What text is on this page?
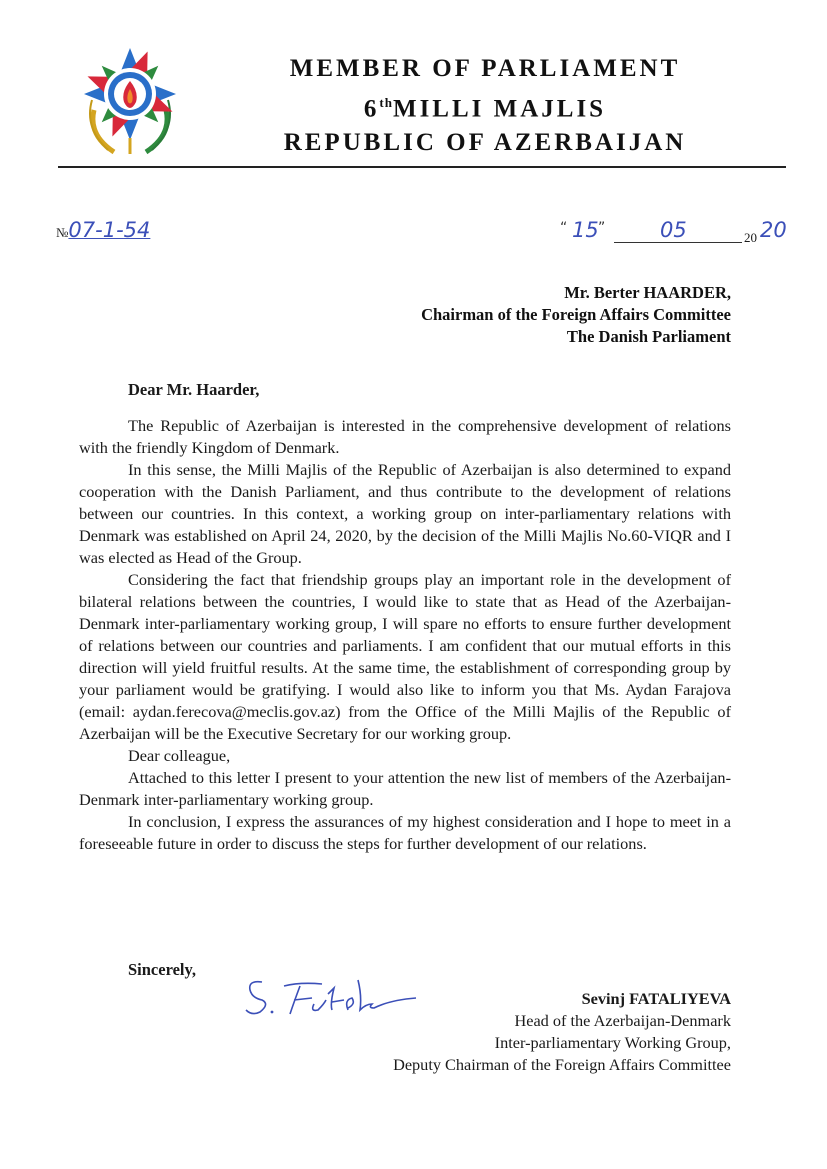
MEMBER OF PARLIAMENT
6thMILLI MAJLIS
REPUBLIC OF AZERBAIJAN
№07-1-54	“ 15 ”	05	20 20
Mr. Berter HAARDER,
Chairman of the Foreign Affairs Committee
The Danish Parliament
Dear Mr. Haarder,

The Republic of Azerbaijan is interested in the comprehensive development of relations with the friendly Kingdom of Denmark.

In this sense, the Milli Majlis of the Republic of Azerbaijan is also determined to expand cooperation with the Danish Parliament, and thus contribute to the development of relations between our countries. In this context, a working group on inter-parliamentary relations with Denmark was established on April 24, 2020, by the decision of the Milli Majlis No.60-VIQR and I was elected as Head of the Group.

Considering the fact that friendship groups play an important role in the development of bilateral relations between the countries, I would like to state that as Head of the Azerbaijan-Denmark inter-parliamentary working group, I will spare no efforts to ensure further development of relations between our countries and parliaments. I am confident that our mutual efforts in this direction will yield fruitful results. At the same time, the establishment of corresponding group by your parliament would be gratifying. I would also like to inform you that Ms. Aydan Farajova (email: aydan.ferecova@meclis.gov.az) from the Office of the Milli Majlis of the Republic of Azerbaijan will be the Executive Secretary for our working group.

Dear colleague,

Attached to this letter I present to your attention the new list of members of the Azerbaijan-Denmark inter-parliamentary working group.

In conclusion, I express the assurances of my highest consideration and I hope to meet in a foreseeable future in order to discuss the steps for further development of our relations.

Sincerely,
Sevinj FATALIYEVA
Head of the Azerbaijan-Denmark
Inter-parliamentary Working Group,
Deputy Chairman of the Foreign Affairs Committee
